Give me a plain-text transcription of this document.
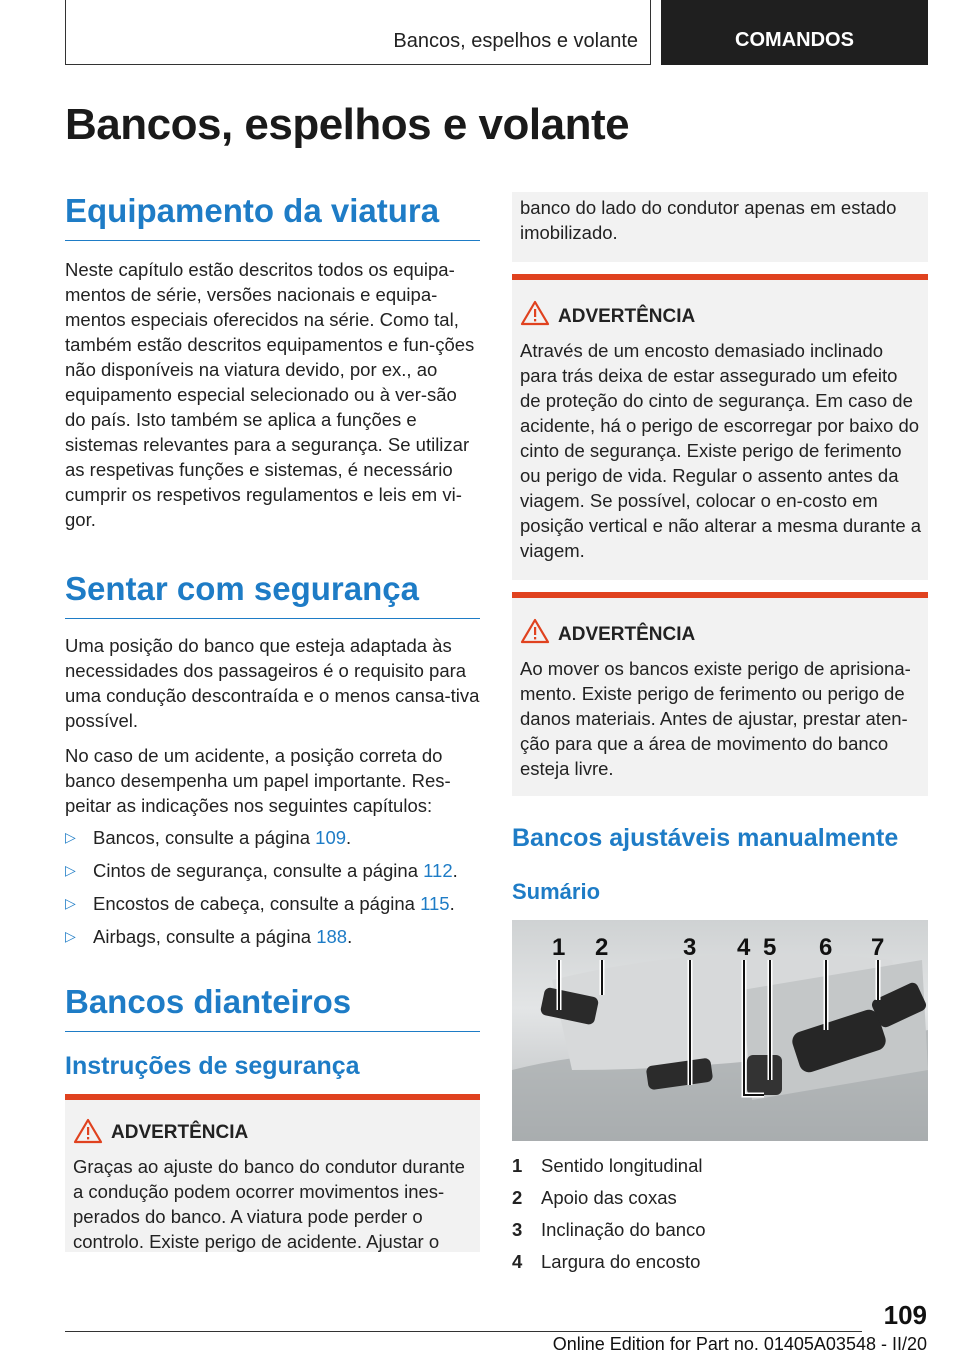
Bancos, espelhos e volante	COMANDOS
Bancos, espelhos e volante
Equipamento da viatura

Neste capítulo estão descritos todos os equipa-mentos de série, versões nacionais e equipa-mentos especiais oferecidos na série. Como tal, também estão descritos equipamentos e fun-ções não disponíveis na viatura devido, por ex., ao equipamento especial selecionado ou à ver-são do país. Isto também se aplica a funções e sistemas relevantes para a segurança. Se utilizar as respetivas funções e sistemas, é necessário cumprir os respetivos regulamentos e leis em vi-gor.

Sentar com segurança

Uma posição do banco que esteja adaptada às necessidades dos passageiros é o requisito para uma condução descontraída e o menos cansa-tiva possível.

No caso de um acidente, a posição correta do banco desempenha um papel importante. Res-peitar as indicações nos seguintes capítulos:

▷ Bancos, consulte a página 109.
▷ Cintos de segurança, consulte a página 112.
▷ Encostos de cabeça, consulte a página 115.
▷ Airbags, consulte a página 188.
Bancos dianteiros
Instruções de segurança
ADVERTÊNCIA

Graças ao ajuste do banco do condutor durante a condução podem ocorrer movimentos ines-perados do banco. A viatura pode perder o controlo. Existe perigo de acidente. Ajustar o

banco do lado do condutor apenas em estado imobilizado.

ADVERTÊNCIA

Através de um encosto demasiado inclinado para trás deixa de estar assegurado um efeito de proteção do cinto de segurança. Em caso de acidente, há o perigo de escorregar por baixo do cinto de segurança. Existe perigo de ferimento ou perigo de vida. Regular o assento antes da viagem. Se possível, colocar o en-costo em posição vertical e não alterar a mesma durante a viagem.

ADVERTÊNCIA

Ao mover os bancos existe perigo de aprisiona-mento. Existe perigo de ferimento ou perigo de danos materiais. Antes de ajustar, prestar aten-ção para que a área de movimento do banco esteja livre.

Bancos ajustáveis manualmente
Sumário
1 2	3 4 5 6 7
1 Sentido longitudinal
2 Apoio das coxas
3 Inclinação do banco
4 Largura do encosto
109
Online Edition for Part no. 01405A03548 - II/20
